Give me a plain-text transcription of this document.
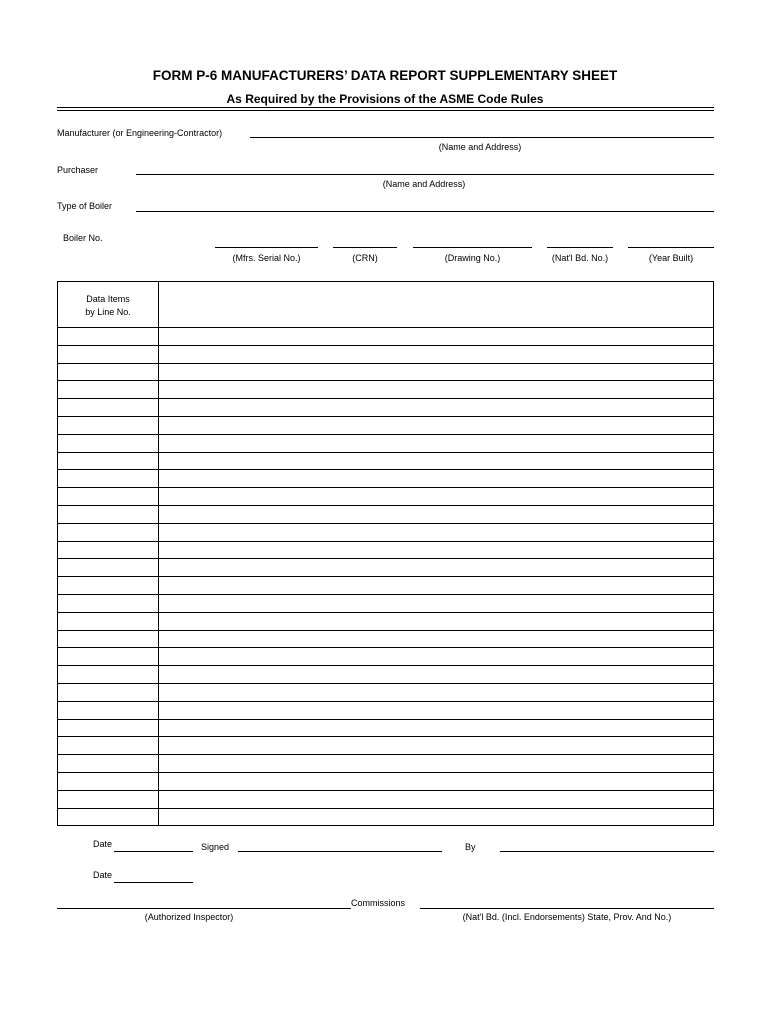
FORM P-6 MANUFACTURERS’ DATA REPORT SUPPLEMENTARY SHEET
As Required by the Provisions of the ASME Code Rules
Manufacturer (or Engineering-Contractor)
(Name and Address)
Purchaser
(Name and Address)
Type of Boiler
Boiler No.
(Mfrs. Serial No.)	(CRN)	(Drawing No.)	(Nat'l Bd. No.)	(Year Built)
Data Items
by Line No.	

Date	Signed	By
Date
Commissions
(Authorized Inspector)	(Nat'l Bd. (Incl. Endorsements) State, Prov. And No.)
